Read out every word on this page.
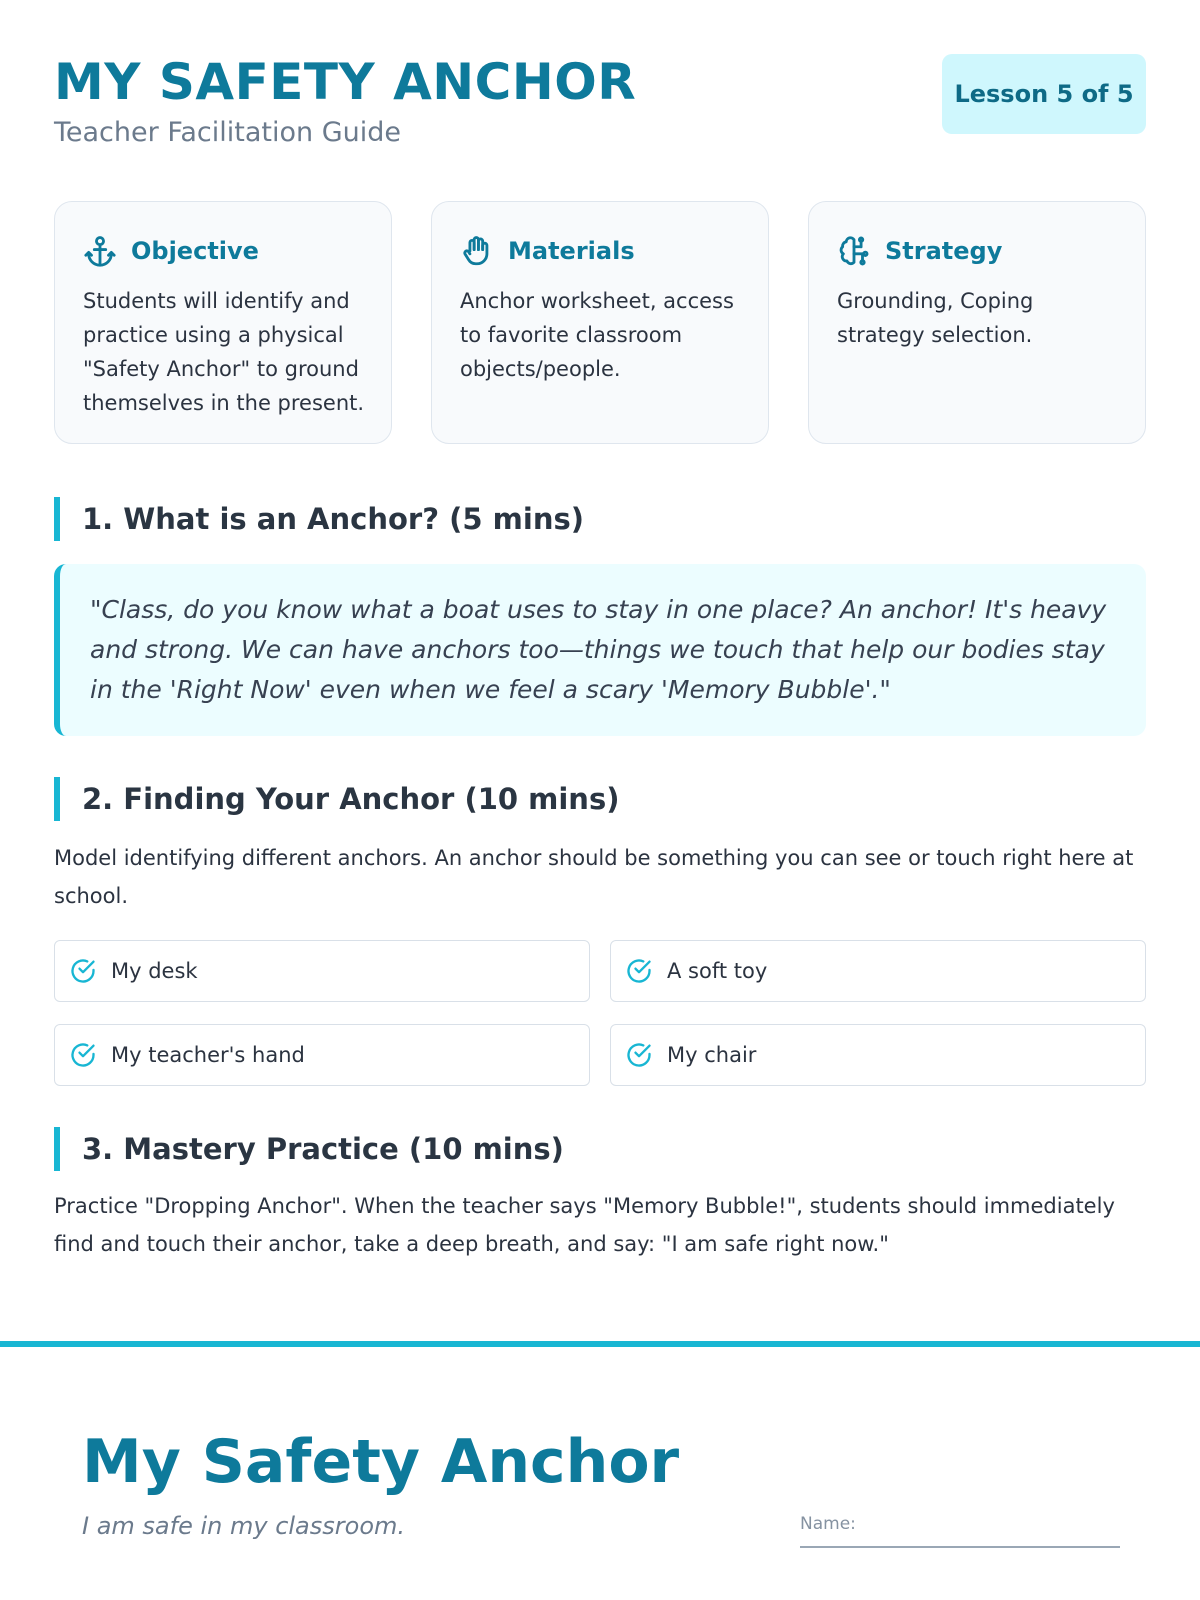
MY SAFETY ANCHOR
Teacher Facilitation Guide
Lesson 5 of 5
Objective
Students will identify and practice using a physical "Safety Anchor" to ground themselves in the present.
Materials
Anchor worksheet, access to favorite classroom objects/people.
Strategy
Grounding, Coping strategy selection.
1. What is an Anchor? (5 mins)

"Class, do you know what a boat uses to stay in one place? An anchor! It's heavy and strong. We can have anchors too—things we touch that help our bodies stay in the 'Right Now' even when we feel a scary 'Memory Bubble'."

2. Finding Your Anchor (10 mins)
Model identifying different anchors. An anchor should be something you can see or touch right here at school.
My desk	A soft toy
My teacher's hand	My chair
3. Mastery Practice (10 mins)
Practice "Dropping Anchor". When the teacher says "Memory Bubble!", students should immediately find and touch their anchor, take a deep breath, and say: "I am safe right now."
My Safety Anchor
I am safe in my classroom.	Name:
